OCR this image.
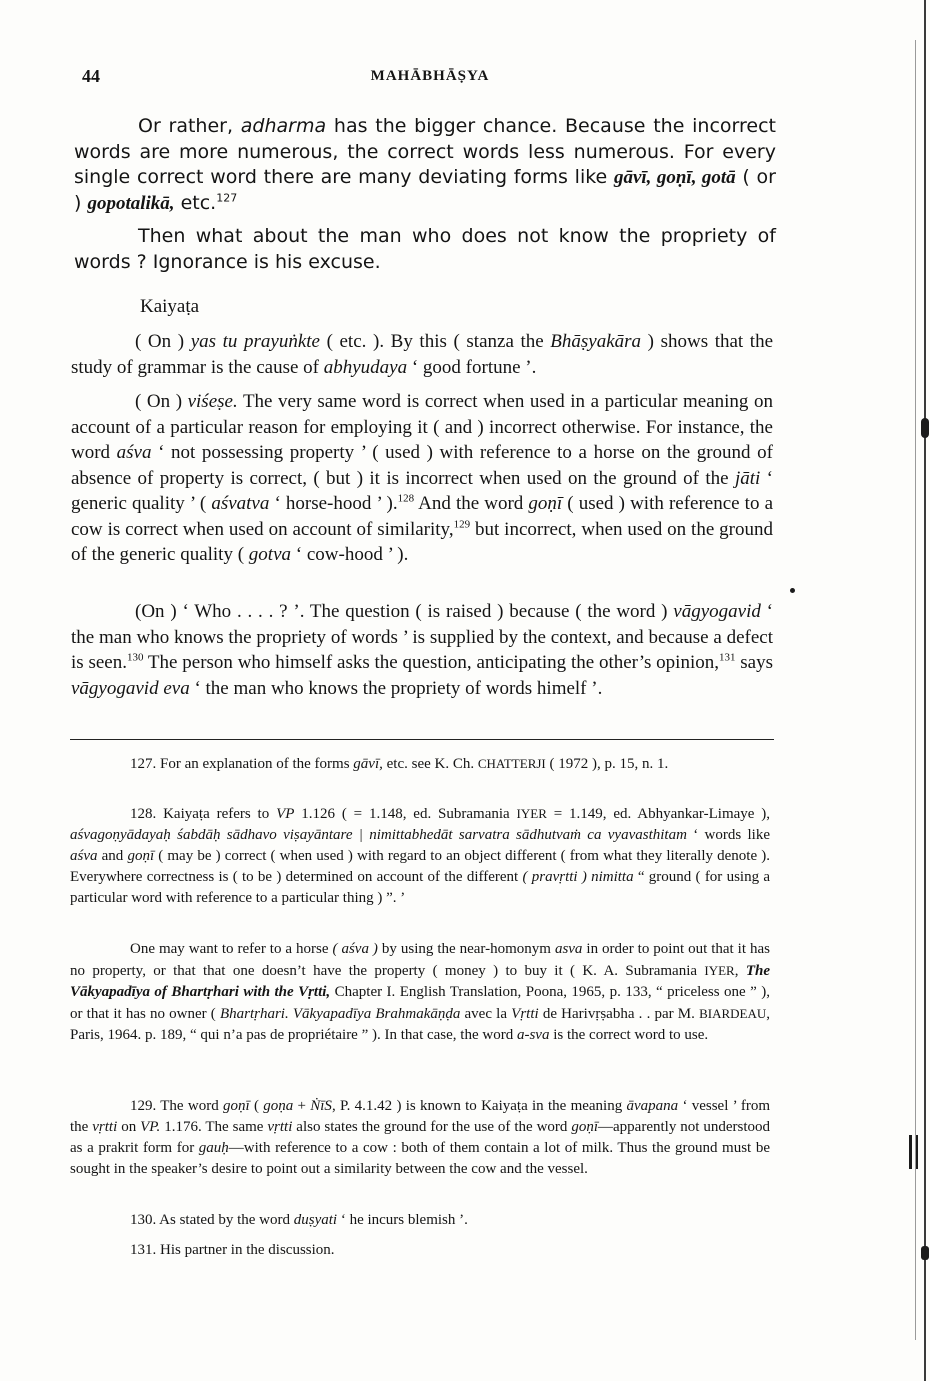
44	MAHĀBHĀṢYA

Or rather, adharma has the bigger chance. Because the incorrect words are more numerous, the correct words less numerous. For every single correct word there are many deviating forms like gāvī, goṇī, gotā ( or ) gopotalikā, etc.$^{127}$

Then what about the man who does not know the propriety of words ? Ignorance is his excuse.

Kaiyaṭa

( On ) yas tu prayuṅkte ( etc. ). By this ( stanza the Bhāṣyakāra ) shows that the study of grammar is the cause of abhyudaya ‘ good fortune ’.

( On ) viśeṣe. The very same word is correct when used in a particular meaning on account of a particular reason for employing it ( and ) incorrect otherwise. For instance, the word aśva ‘ not possessing property ’ ( used ) with reference to a horse on the ground of absence of property is correct, ( but ) it is incorrect when used on the ground of the jāti ‘ generic quality ’ ( aśvatva ‘ horse-hood ’ ).$^{128}$ And the word goṇī ( used ) with reference to a cow is correct when used on account of similarity,$^{129}$ but incorrect, when used on the ground of the generic quality ( gotva ‘ cow-hood ’ ).

(On ) ‘ Who . . . . ? ’. The question ( is raised ) because ( the word ) vāgyogavid ‘ the man who knows the propriety of words ’ is supplied by the context, and because a defect is seen.$^{130}$ The person who himself asks the question, anticipating the other’s opinion,$^{131}$ says vāgyogavid eva ‘ the man who knows the propriety of words himelf ’.

127. For an explanation of the forms gāvī, etc. see K. Ch. CHATTERJI ( 1972 ), p. 15, n. 1.

128. Kaiyaṭa refers to VP 1.126 ( = 1.148, ed. Subramania IYER = 1.149, ed. Abhyankar-Limaye ), aśvagoṇyādayaḥ śabdāḥ sādhavo viṣayāntare | nimittabhedāt sarvatra sādhutvaṁ ca vyavasthitam ‘ words like aśva and goṇī ( may be ) correct ( when used ) with regard to an object different ( from what they literally denote ). Everywhere correctness is ( to be ) determined on account of the different ( pravṛtti ) nimitta “ ground ( for using a particular word with reference to a particular thing ) ”. ’

One may want to refer to a horse ( aśva ) by using the near-homonym asva in order to point out that it has no property, or that that one doesn’t have the property ( money ) to buy it ( K. A. Subramania IYER, The Vākyapadīya of Bhartṛhari with the Vṛtti, Chapter I. English Translation, Poona, 1965, p. 133, “ priceless one ” ), or that it has no owner ( Bhartṛhari. Vākyapadīya Brahmakāṇḍa avec la Vṛtti de Harivṛṣabha . . par M. BIARDEAU, Paris, 1964. p. 189, “ qui n’a pas de propriétaire ” ). In that case, the word a-sva is the correct word to use.

129. The word goṇī ( goṇa + ṄīS, P. 4.1.42 ) is known to Kaiyaṭa in the meaning āvapana ‘ vessel ’ from the vṛtti on VP. 1.176. The same vṛtti also states the ground for the use of the word goṇī—apparently not understood as a prakrit form for gauḥ—with reference to a cow : both of them contain a lot of milk. Thus the ground must be sought in the speaker’s desire to point out a similarity between the cow and the vessel.

130. As stated by the word duṣyati ‘ he incurs blemish ’.

131. His partner in the discussion.
